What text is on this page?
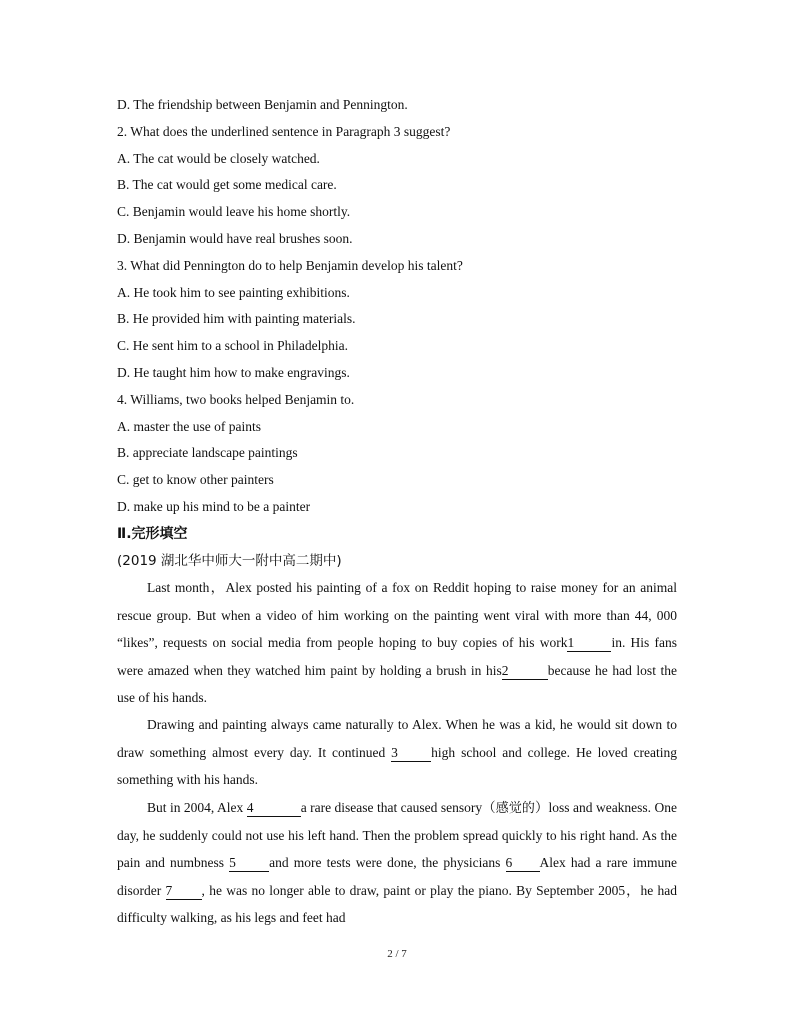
D. The friendship between Benjamin and Pennington.
2. What does the underlined sentence in Paragraph 3 suggest?
A. The cat would be closely watched.
B. The cat would get some medical care.
C. Benjamin would leave his home shortly.
D. Benjamin would have real brushes soon.
3. What did Pennington do to help Benjamin develop his talent?
A. He took him to see painting exhibitions.
B. He provided him with painting materials.
C. He sent him to a school in Philadelphia.
D. He taught him how to make engravings.
4. Williams, two books helped Benjamin to.
A. master the use of paints
B. appreciate landscape paintings
C. get to know other painters
D. make up his mind to be a painter
Ⅱ.完形填空
(2019 湖北华中师大一附中高二期中)

Last month，Alex posted his painting of a fox on Reddit hoping to raise money for an animal rescue group. But when a video of him working on the painting went viral with more than 44, 000 “likes”, requests on social media from people hoping to buy copies of his work1	in. His fans were amazed when they watched him paint by holding a brush in his2	because he had lost the use of his hands.

Drawing and painting always came naturally to Alex. When he was a kid, he would sit down to draw something almost every day. It continued 3 high school and college. He loved creating something with his hands.

But in 2004, Alex 4	a rare disease that caused sensory（感觉的）loss and weakness. One day, he suddenly could not use his left hand. Then the problem spread quickly to his right hand. As the pain and numbness 5 and more tests were done, the physicians 6 Alex had a rare immune disorder 7 , he was no longer able to draw, paint or play the piano. By September 2005，he had difficulty walking, as his legs and feet had

2 / 7
